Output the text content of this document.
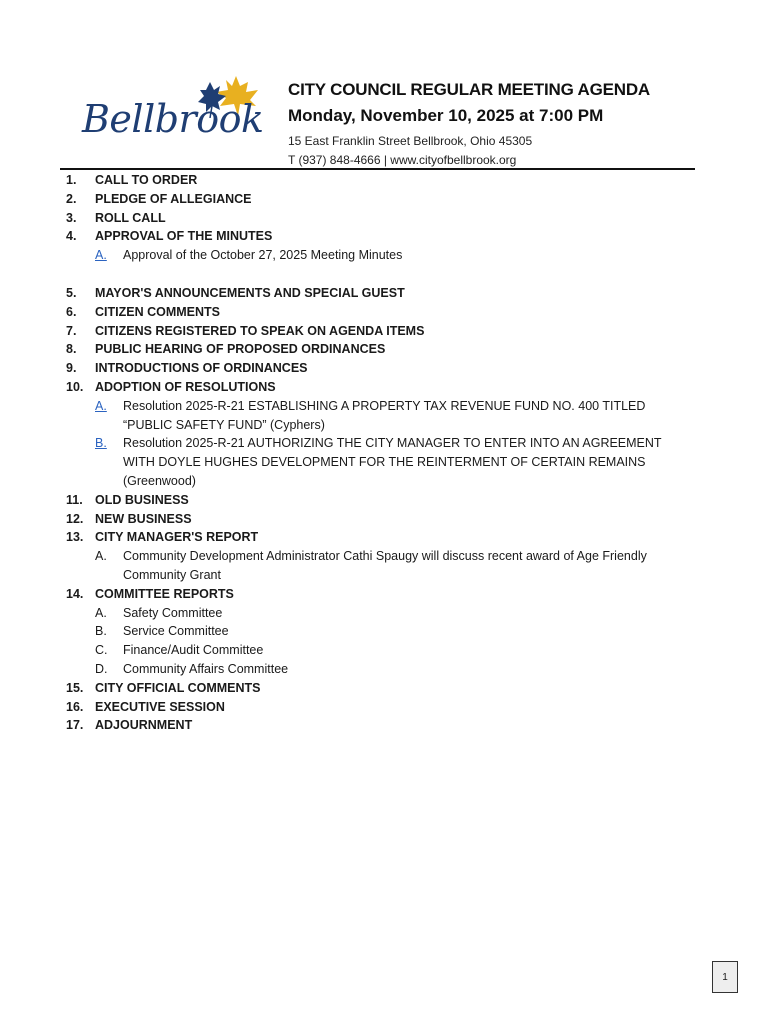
Bellbrook
CITY COUNCIL REGULAR MEETING AGENDA
Monday, November 10, 2025 at 7:00 PM
15 East Franklin Street Bellbrook, Ohio 45305
T (937) 848-4666 | www.cityofbellbrook.org
1.	CALL TO ORDER
2.	PLEDGE OF ALLEGIANCE
3.	ROLL CALL
4.	APPROVAL OF THE MINUTES
A.	Approval of the October 27, 2025 Meeting Minutes
5.	MAYOR'S ANNOUNCEMENTS AND SPECIAL GUEST
6.	CITIZEN COMMENTS
7.	CITIZENS REGISTERED TO SPEAK ON AGENDA ITEMS
8.	PUBLIC HEARING OF PROPOSED ORDINANCES
9.	INTRODUCTIONS OF ORDINANCES
10. ADOPTION OF RESOLUTIONS
A.	Resolution 2025-R-21 ESTABLISHING A PROPERTY TAX REVENUE FUND NO. 400 TITLED “PUBLIC SAFETY FUND” (Cyphers)
B.	Resolution 2025-R-21 AUTHORIZING THE CITY MANAGER TO ENTER INTO AN AGREEMENT WITH DOYLE HUGHES DEVELOPMENT FOR THE REINTERMENT OF CERTAIN REMAINS (Greenwood)
11. OLD BUSINESS
12. NEW BUSINESS
13. CITY MANAGER'S REPORT
A.	Community Development Administrator Cathi Spaugy will discuss recent award of Age Friendly Community Grant
14. COMMITTEE REPORTS
A.	Safety Committee
B.	Service Committee
C.	Finance/Audit Committee
D.	Community Affairs Committee
15. CITY OFFICIAL COMMENTS
16. EXECUTIVE SESSION
17. ADJOURNMENT
1
